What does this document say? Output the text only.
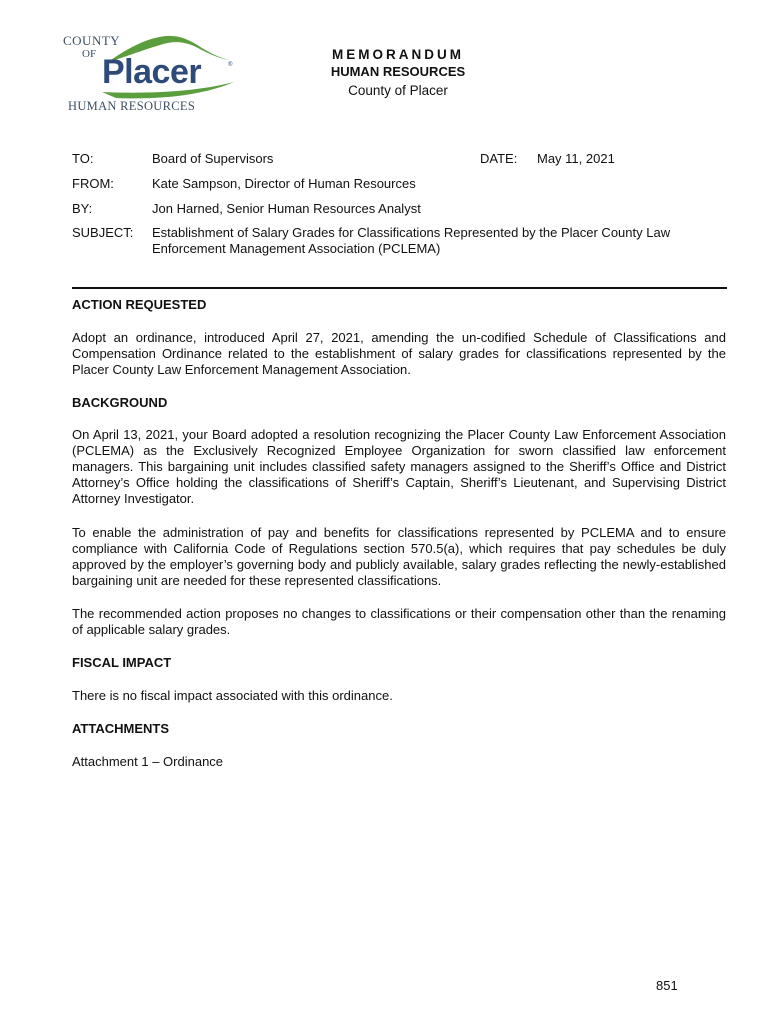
COUNTY
OF Placer	®
HUMAN RESOURCES
MEMORANDUM
HUMAN RESOURCES
County of Placer
TO:	Board of Supervisors	DATE: May 11, 2021
FROM:	Kate Sampson, Director of Human Resources
BY:	Jon Harned, Senior Human Resources Analyst
SUBJECT: Establishment of Salary Grades for Classifications Represented by the Placer County Law
Enforcement Management Association (PCLEMA)
ACTION REQUESTED
Adopt an ordinance, introduced April 27, 2021, amending the un-codified Schedule of Classifications and Compensation Ordinance related to the establishment of salary grades for classifications represented by the Placer County Law Enforcement Management Association.
BACKGROUND
On April 13, 2021, your Board adopted a resolution recognizing the Placer County Law Enforcement Association (PCLEMA) as the Exclusively Recognized Employee Organization for sworn classified law enforcement managers. This bargaining unit includes classified safety managers assigned to the Sheriff’s Office and District Attorney’s Office holding the classifications of Sheriff’s Captain, Sheriff’s Lieutenant, and Supervising District Attorney Investigator.
To enable the administration of pay and benefits for classifications represented by PCLEMA and to ensure compliance with California Code of Regulations section 570.5(a), which requires that pay schedules be duly approved by the employer’s governing body and publicly available, salary grades reflecting the newly-established bargaining unit are needed for these represented classifications.
The recommended action proposes no changes to classifications or their compensation other than the renaming of applicable salary grades.
FISCAL IMPACT
There is no fiscal impact associated with this ordinance.
ATTACHMENTS
Attachment 1 – Ordinance
851
